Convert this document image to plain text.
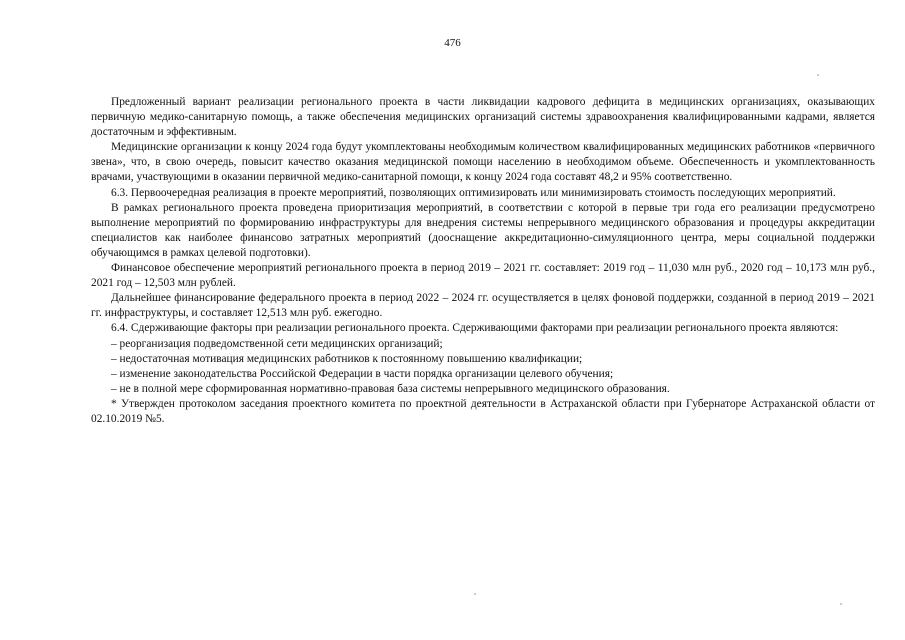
476

Предложенный вариант реализации регионального проекта в части ликвидации кадрового дефицита в медицинских организациях, оказывающих первичную медико-санитарную помощь, а также обеспечения медицинских организаций системы здравоохранения квалифицированными кадрами, является достаточным и эффективным.

Медицинские организации к концу 2024 года будут укомплектованы необходимым количеством квалифицированных медицинских работников «первичного звена», что, в свою очередь, повысит качество оказания медицинской помощи населению в необходимом объеме. Обеспеченность и укомплектованность врачами, участвующими в оказании первичной медико-санитарной помощи, к концу 2024 года составят 48,2 и 95% соответственно.

6.3. Первоочередная реализация в проекте мероприятий, позволяющих оптимизировать или минимизировать стоимость последующих мероприятий.

В рамках регионального проекта проведена приоритизация мероприятий, в соответствии с которой в первые три года его реализации предусмотрено выполнение мероприятий по формированию инфраструктуры для внедрения системы непрерывного медицинского образования и процедуры аккредитации специалистов как наиболее финансово затратных мероприятий (дооснащение аккредитационно-симуляционного центра, меры социальной поддержки обучающимся в рамках целевой подготовки).

Финансовое обеспечение мероприятий регионального проекта в период 2019 – 2021 гг. составляет: 2019 год – 11,030 млн руб., 2020 год – 10,173 млн руб., 2021 год – 12,503 млн рублей.

Дальнейшее финансирование федерального проекта в период 2022 – 2024 гг. осуществляется в целях фоновой поддержки, созданной в период 2019 – 2021 гг. инфраструктуры, и составляет 12,513 млн руб. ежегодно.

6.4. Сдерживающие факторы при реализации регионального проекта. Сдерживающими факторами при реализации регионального проекта являются:

– реорганизация подведомственной сети медицинских организаций;

– недостаточная мотивация медицинских работников к постоянному повышению квалификации;

– изменение законодательства Российской Федерации в части порядка организации целевого обучения;

– не в полной мере сформированная нормативно-правовая база системы непрерывного медицинского образования.

* Утвержден протоколом заседания проектного комитета по проектной деятельности в Астраханской области при Губернаторе Астраханской области от 02.10.2019 №5.
